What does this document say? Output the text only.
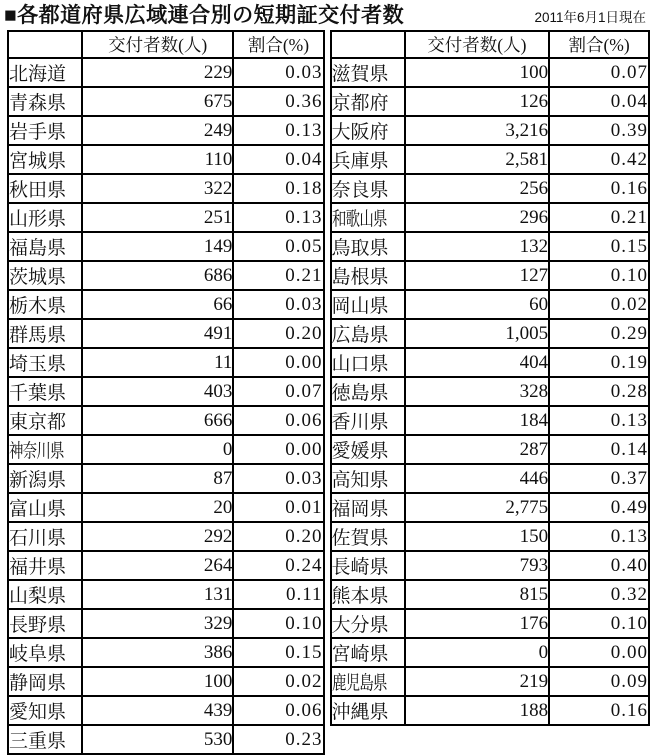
■各都道府県広域連合別の短期証交付者数	2011年6月1日現在
	交付者数(人)	割合(%)
北海道	229	0.03
青森県	675	0.36
岩手県	249	0.13
宮城県	110	0.04
秋田県	322	0.18
山形県	251	0.13
福島県	149	0.05
茨城県	686	0.21
栃木県	66	0.03
群馬県	491	0.20
埼玉県	11	0.00
千葉県	403	0.07
東京都	666	0.06
神奈川県	0	0.00
新潟県	87	0.03
富山県	20	0.01
石川県	292	0.20
福井県	264	0.24
山梨県	131	0.11
長野県	329	0.10
岐阜県	386	0.15
静岡県	100	0.02
愛知県	439	0.06
三重県	530	0.23
	交付者数(人)	割合(%)
滋賀県	100	0.07
京都府	126	0.04
大阪府	3,216	0.39
兵庫県	2,581	0.42
奈良県	256	0.16
和歌山県	296	0.21
鳥取県	132	0.15
島根県	127	0.10
岡山県	60	0.02
広島県	1,005	0.29
山口県	404	0.19
徳島県	328	0.28
香川県	184	0.13
愛媛県	287	0.14
高知県	446	0.37
福岡県	2,775	0.49
佐賀県	150	0.13
長崎県	793	0.40
熊本県	815	0.32
大分県	176	0.10
宮崎県	0	0.00
鹿児島県	219	0.09
沖縄県	188	0.16
